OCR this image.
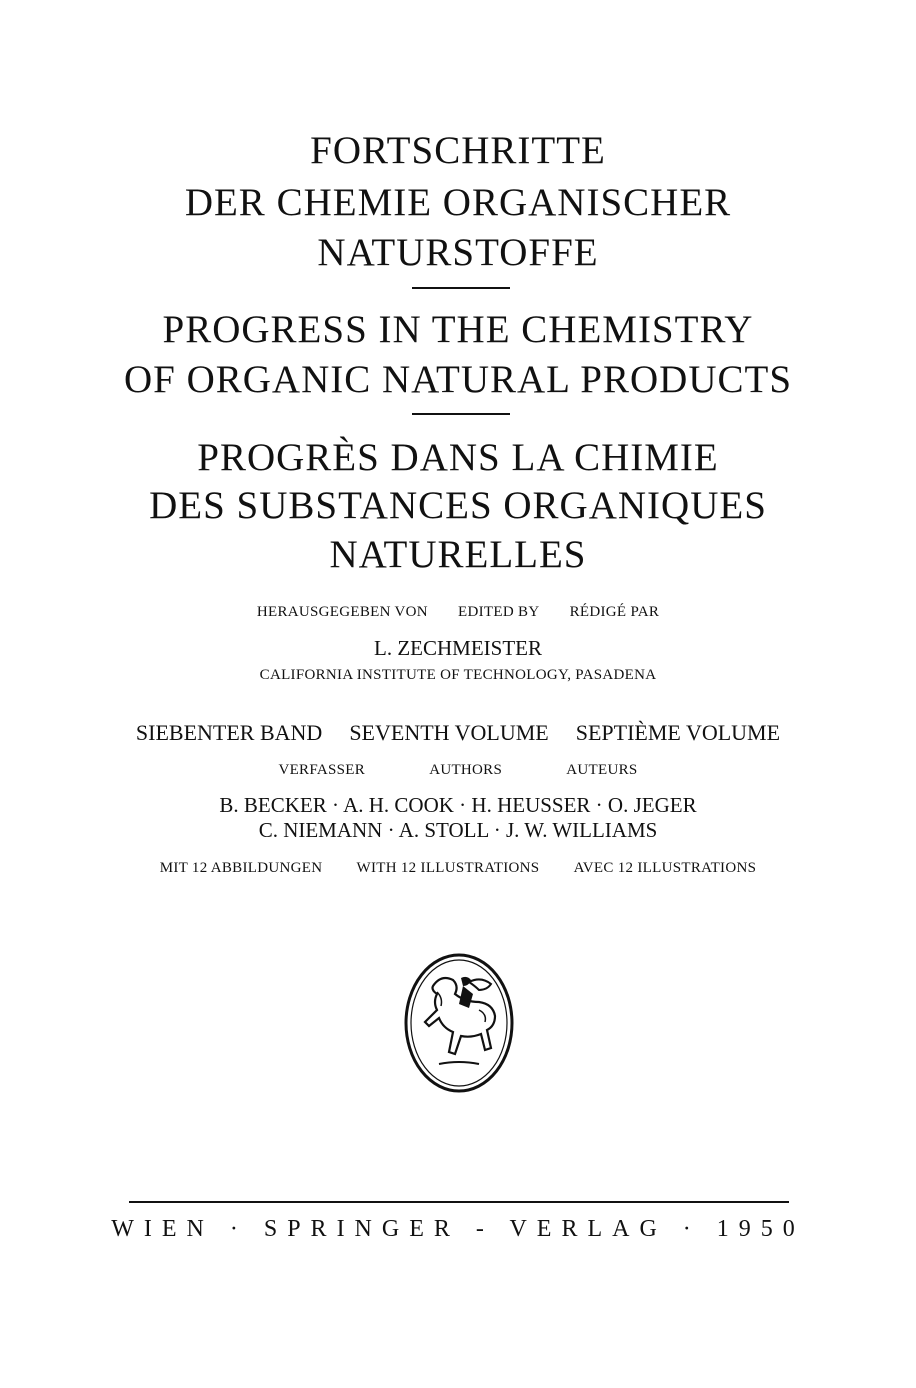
FORTSCHRITTE
DER CHEMIE ORGANISCHER
NATURSTOFFE
PROGRESS IN THE CHEMISTRY
OF ORGANIC NATURAL PRODUCTS
PROGRÈS DANS LA CHIMIE
DES SUBSTANCES ORGANIQUES
NATURELLES
HERAUSGEGEBEN VON EDITED BY RÉDIGÉ PAR
L. ZECHMEISTER
CALIFORNIA INSTITUTE OF TECHNOLOGY, PASADENA
SIEBENTER BAND SEVENTH VOLUME SEPTIÈME VOLUME
VERFASSER	AUTHORS	AUTEURS
B. BECKER · A. H. COOK · H. HEUSSER · O. JEGER
C. NIEMANN · A. STOLL · J. W. WILLIAMS
MIT 12 ABBILDUNGEN WITH 12 ILLUSTRATIONS AVEC 12 ILLUSTRATIONS
WIEN · SPRINGER - VERLAG · 1950
